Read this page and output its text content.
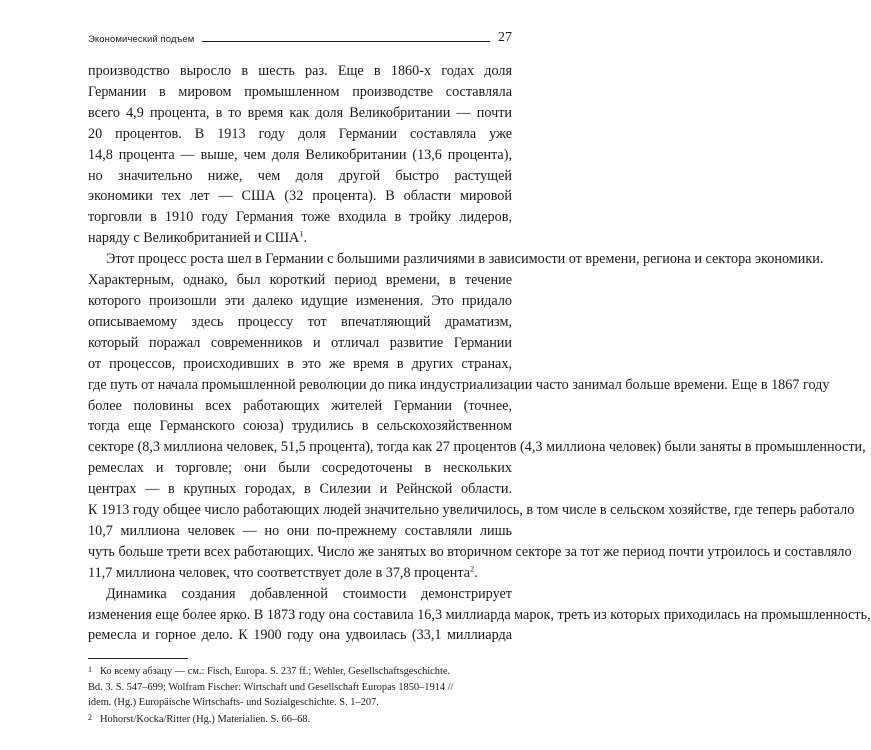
Экономический подъем	27
производство выросло в шесть раз. Еще в 1860-х годах доля
Германии в мировом промышленном производстве составляла
всего 4,9 процента, в то время как доля Великобритании — почти
20 процентов. В 1913 году доля Германии составляла уже
14,8 процента — выше, чем доля Великобритании (13,6 процента),
но значительно ниже, чем доля другой быстро растущей
экономики тех лет — США (32 процента). В области мировой
торговли в 1910 году Германия тоже входила в тройку лидеров,
наряду с Великобританией и США$^1$.
Этот процесс роста шел в Германии с большими различиями в зависимости от времени, региона и сектора экономики.
Характерным, однако, был короткий период времени, в течение
которого произошли эти далеко идущие изменения. Это придало
описываемому здесь процессу тот впечатляющий драматизм,
который поражал современников и отличал развитие Германии
от процессов, происходивших в это же время в других странах,
где путь от начала промышленной революции до пика индустриализации часто занимал больше времени. Еще в 1867 году
более половины всех работающих жителей Германии (точнее,
тогда еще Германского союза) трудились в сельскохозяйственном
секторе (8,3 миллиона человек, 51,5 процента), тогда как 27 процентов (4,3 миллиона человек) были заняты в промышленности,
ремеслах и торговле; они были сосредоточены в нескольких
центрах — в крупных городах, в Силезии и Рейнской области.
К 1913 году общее число работающих людей значительно увеличилось, в том числе в сельском хозяйстве, где теперь работало
10,7 миллиона человек — но они по-прежнему составляли лишь
чуть больше трети всех работающих. Число же занятых во вторичном секторе за тот же период почти утроилось и составляло
11,7 миллиона человек, что соответствует доле в 37,8 процента$^2$.
Динамика создания добавленной стоимости демонстрирует
изменения еще более ярко. В 1873 году она составила 16,3 миллиарда марок, треть из которых приходилась на промышленность,
ремесла и горное дело. К 1900 году она удвоилась (33,1 миллиарда
1 Ко всему абзацу — см.: Fisch, Europa. S. 237 ff.; Wehler, Gesellschaftsgeschichte.
Bd. 3. S. 547–699; Wolfram Fischer: Wirtschaft und Gesellschaft Europas 1850–1914 //
idem. (Hg.) Europäische Wirtschafts- und Sozialgeschichte. S. 1–207.
2 Hohorst/Kocka/Ritter (Hg.) Materialien. S. 66–68.
